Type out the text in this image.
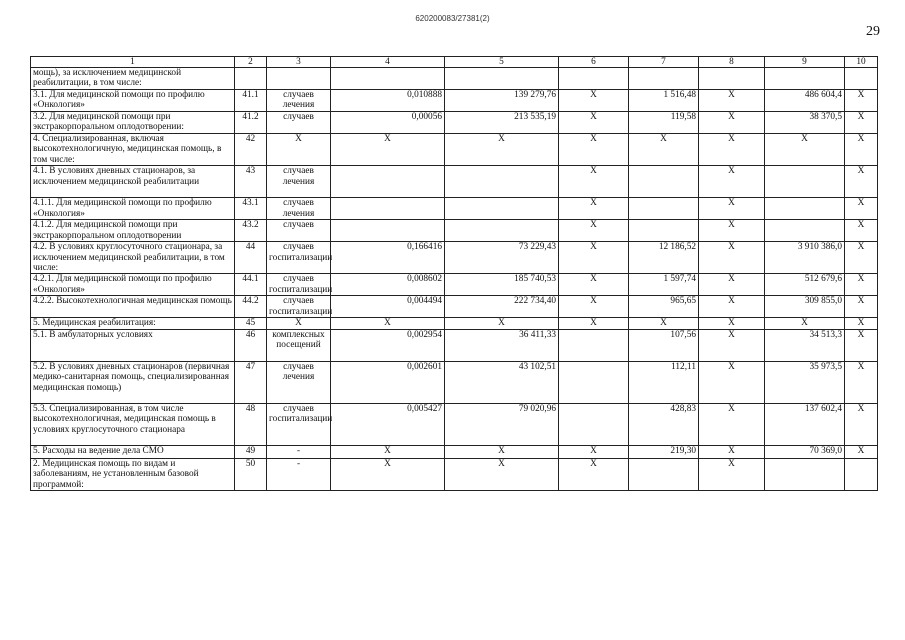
620200083/27381(2)
29
1	2	3	4	5	6	7	8	9	10
мощь), за исключением медицинской реабилитации, в том числе:									
3.1. Для медицинской помощи по профилю «Онкология»	41.1	случаев лечения	0,010888	139 279,76	X	1 516,48	X	486 604,4	X
3.2. Для медицинской помощи при экстракорпоральном оплодотворении:	41.2	случаев	0,00056	213 535,19	X	119,58	X	38 370,5	X
4. Специализированная, включая высокотехнологичную, медицинская помощь, в том числе:	42	X	X	X	X	X	X	X	X
4.1. В условиях дневных стационаров, за исключением медицинской реабилитации	43	случаев лечения			X		X		X
4.1.1. Для медицинской помощи по профилю «Онкология»	43.1	случаев лечения			X		X		X
4.1.2. Для медицинской помощи при экстракорпоральном оплодотворении	43.2	случаев			X		X		X
4.2. В условиях круглосуточного стационара, за исключением медицинской реабилитации, в том числе:	44	случаев госпитализации	0,166416	73 229,43	X	12 186,52	X	3 910 386,0	X
4.2.1. Для медицинской помощи по профилю «Онкология»	44.1	случаев госпитализации	0,008602	185 740,53	X	1 597,74	X	512 679,6	X
4.2.2. Высокотехнологичная медицинская помощь	44.2	случаев госпитализации	0,004494	222 734,40	X	965,65	X	309 855,0	X
5. Медицинская реабилитация:	45	X	X	X	X	X	X	X	X
5.1. В амбулаторных условиях	46	комплексных посещений	0,002954	36 411,33		107,56	X	34 513,3	X
5.2. В условиях дневных стационаров (первичная медико-санитарная помощь, специализированная медицинская помощь)	47	случаев лечения	0,002601	43 102,51		112,11	X	35 973,5	X
5.3. Специализированная, в том числе высокотехнологичная, медицинская помощь в условиях круглосуточного стационара	48	случаев госпитализации	0,005427	79 020,96		428,83	X	137 602,4	X
5. Расходы на ведение дела СМО	49	-	X	X	X	219,30	X	70 369,0	X
2. Медицинская помощь по видам и заболеваниям, не установленным базовой программой:	50	-	X	X	X		X		
